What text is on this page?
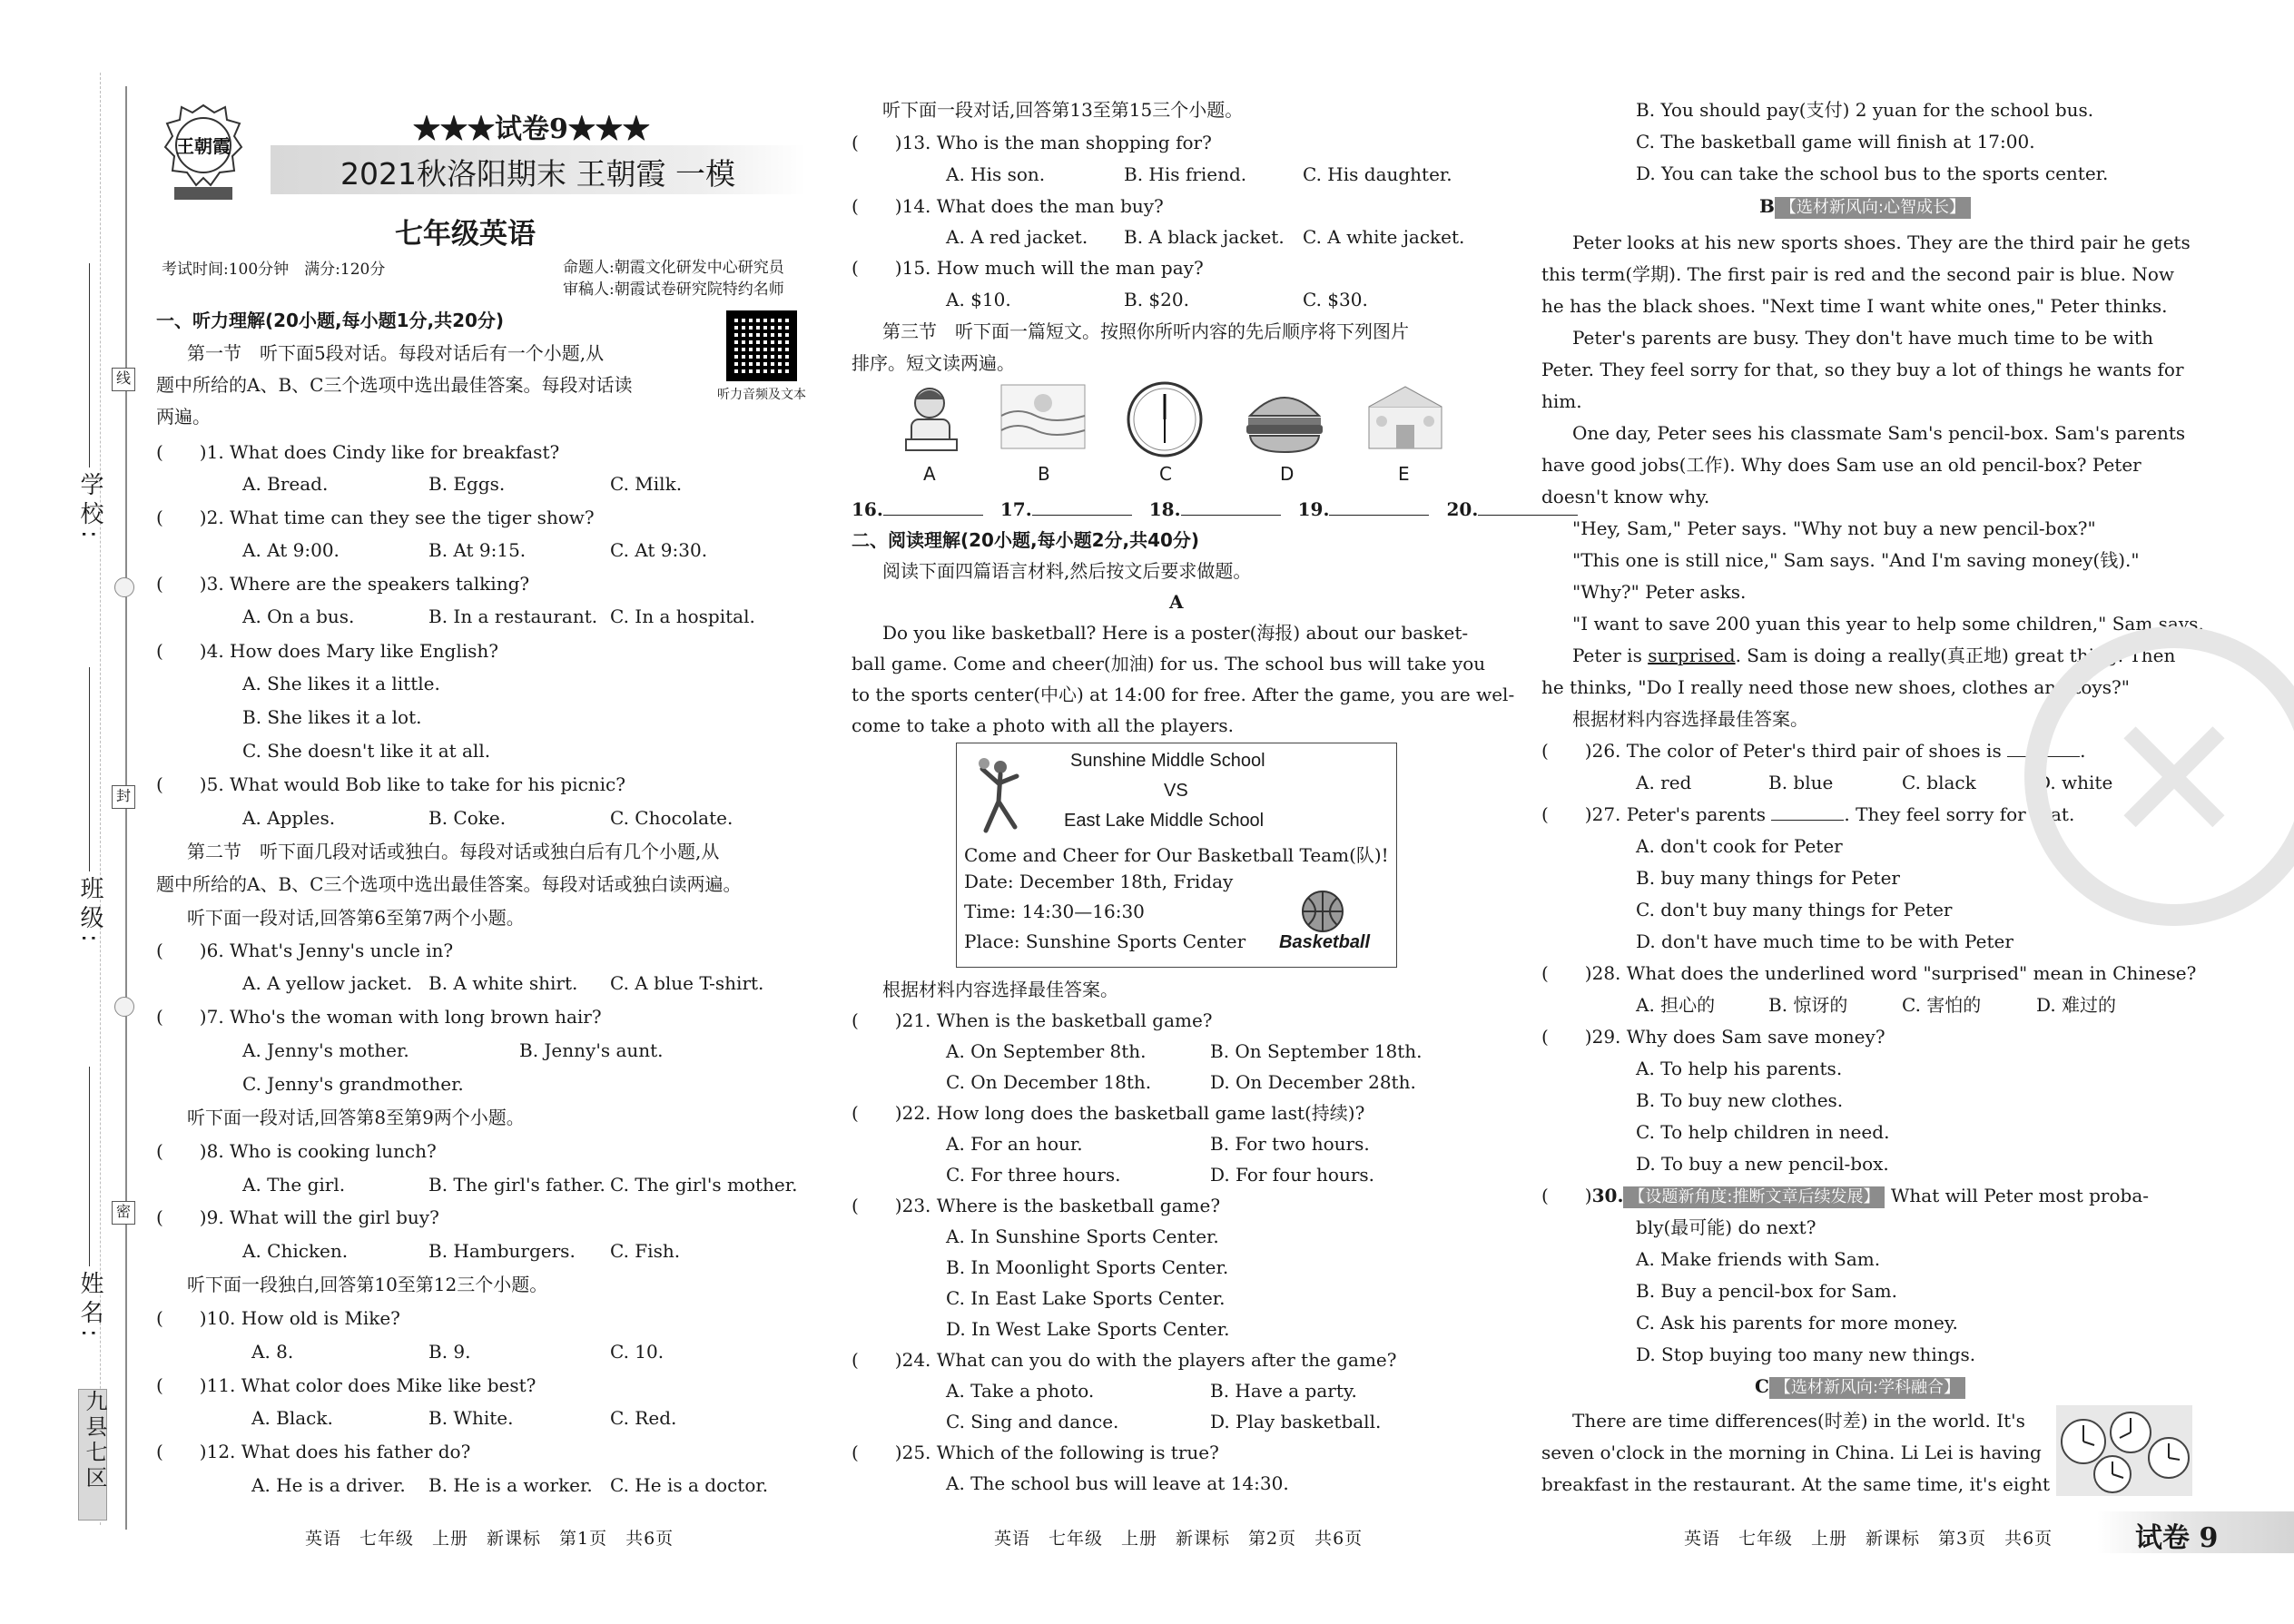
学校:
班级:
姓名:
线
封
密
九县七区
王朝霞
★★★试卷9★★★
2021秋洛阳期末 王朝霞 一模
七年级英语
考试时间:100分钟　满分:120分	命题人:朝霞文化研发中心研究员
审稿人:朝霞试卷研究院特约名师
听力音频及文本
一、听力理解(20小题,每小题1分,共20分)
第一节　听下面5段对话。每段对话后有一个小题,从
题中所给的A、B、C三个选项中选出最佳答案。每段对话读
两遍。
(　　)1. What does Cindy like for breakfast?
A. Bread.	B. Eggs.	C. Milk.
(　　)2. What time can they see the tiger show?
A. At 9:00.	B. At 9:15.	C. At 9:30.
(　　)3. Where are the speakers talking?
A. On a bus.	B. In a restaurant. C. In a hospital.
(　　)4. How does Mary like English?
A. She likes it a little.
B. She likes it a lot.
C. She doesn't like it at all.
(　　)5. What would Bob like to take for his picnic?
A. Apples.	B. Coke.	C. Chocolate.
第二节　听下面几段对话或独白。每段对话或独白后有几个小题,从
题中所给的A、B、C三个选项中选出最佳答案。每段对话或独白读两遍。
听下面一段对话,回答第6至第7两个小题。
(　　)6. What's Jenny's uncle in?
A. A yellow jacket. B. A white shirt. C. A blue T-shirt.
(　　)7. Who's the woman with long brown hair?
A. Jenny's mother.	B. Jenny's aunt.
C. Jenny's grandmother.
听下面一段对话,回答第8至第9两个小题。
(　　)8. Who is cooking lunch?
A. The girl.	B. The girl's father. C. The girl's mother.
(　　)9. What will the girl buy?
A. Chicken.	B. Hamburgers. C. Fish.
听下面一段独白,回答第10至第12三个小题。
(　　)10. How old is Mike?
A. 8.	B. 9.	C. 10.
(　　)11. What color does Mike like best?
A. Black.	B. White.	C. Red.
(　　)12. What does his father do?
A. He is a driver. B. He is a worker. C. He is a doctor.
听下面一段对话,回答第13至第15三个小题。
(　　)13. Who is the man shopping for?
A. His son.	B. His friend.	C. His daughter.
(　　)14. What does the man buy?
A. A red jacket. B. A black jacket. C. A white jacket.
(　　)15. How much will the man pay?
A. $10.	B. $20.	C. $30.
第三节　听下面一篇短文。按照你所听内容的先后顺序将下列图片
排序。短文读两遍。
16.	17.	18.	19.	20.
二、阅读理解(20小题,每小题2分,共40分)
阅读下面四篇语言材料,然后按文后要求做题。
A
Do you like basketball? Here is a poster(海报) about our basket-
ball game. Come and cheer(加油) for us. The school bus will take you
to the sports center(中心) at 14:00 for free. After the game, you are wel-
come to take a photo with all the players.
根据材料内容选择最佳答案。
(　　)21. When is the basketball game?
A. On September 8th.	B. On September 18th.
C. On December 18th.	D. On December 28th.
(　　)22. How long does the basketball game last(持续)?
A. For an hour.	B. For two hours.
C. For three hours.	D. For four hours.
(　　)23. Where is the basketball game?
A. In Sunshine Sports Center.
B. In Moonlight Sports Center.
C. In East Lake Sports Center.
D. In West Lake Sports Center.
(　　)24. What can you do with the players after the game?
A. Take a photo.	B. Have a party.
C. Sing and dance.	D. Play basketball.
(　　)25. Which of the following is true?
A. The school bus will leave at 14:30.
A	B	C	D	E
Sunshine Middle School
VS
East Lake Middle School
Come and Cheer for Our Basketball Team(队)!
Date: December 18th, Friday
Time: 14:30—16:30
Place: Sunshine Sports Center Basketball
B. You should pay(支付) 2 yuan for the school bus.
C. The basketball game will finish at 17:00.
D. You can take the school bus to the sports center.
B 【选材新风向:心智成长】
Peter looks at his new sports shoes. They are the third pair he gets
this term(学期). The first pair is red and the second pair is blue. Now
he has the black shoes. "Next time I want white ones," Peter thinks.
Peter's parents are busy. They don't have much time to be with
Peter. They feel sorry for that, so they buy a lot of things he wants for
him.
One day, Peter sees his classmate Sam's pencil-box. Sam's parents
have good jobs(工作). Why does Sam use an old pencil-box? Peter
doesn't know why.
"Hey, Sam," Peter says. "Why not buy a new pencil-box?"
"This one is still nice," Sam says. "And I'm saving money(钱)."
"Why?" Peter asks.
"I want to save 200 yuan this year to help some children," Sam says.
Peter is surprised. Sam is doing a really(真正地) great thing. Then
he thinks, "Do I really need those new shoes, clothes and toys?"
根据材料内容选择最佳答案。
(　　)26. The color of Peter's third pair of shoes is	.
A. red	B. blue	C. black	D. white
(　　)27. Peter's parents	. They feel sorry for that.
A. don't cook for Peter
B. buy many things for Peter
C. don't buy many things for Peter
D. don't have much time to be with Peter
(　　)28. What does the underlined word "surprised" mean in Chinese?
A. 担心的	B. 惊讶的	C. 害怕的	D. 难过的
(　　)29. Why does Sam save money?
A. To help his parents.
B. To buy new clothes.
C. To help children in need.
D. To buy a new pencil-box.
(　　)30. 【设题新角度:推断文章后续发展】 What will Peter most proba-
bly(最可能) do next?
A. Make friends with Sam.
B. Buy a pencil-box for Sam.
C. Ask his parents for more money.
D. Stop buying too many new things.
C 【选材新风向:学科融合】
There are time differences(时差) in the world. It's
seven o'clock in the morning in China. Li Lei is having
breakfast in the restaurant. At the same time, it's eight
✕
英语　七年级　上册　新课标　第1页　共6页	英语　七年级　上册　新课标　第2页　共6页	英语　七年级　上册　新课标　第3页　共6页	试卷 9
